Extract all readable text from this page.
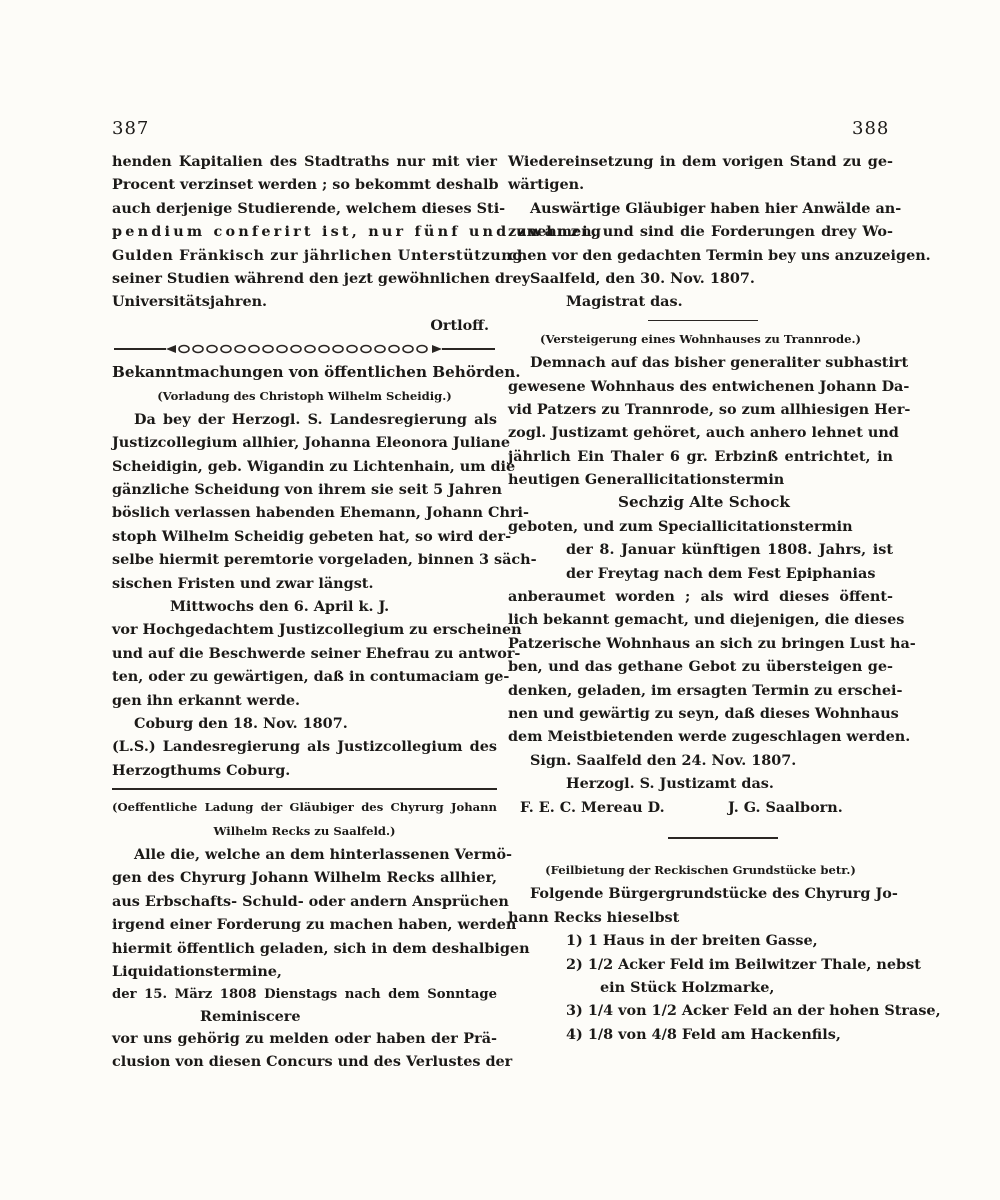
387	388
henden Kapitalien des Stadtraths nur mit vier
Procent verzinset werden ; so bekommt deshalb
auch derjenige Studierende, welchem dieses Sti-
pendium conferirt ist, nur fünf und zwanzig
Gulden Fränkisch zur jährlichen Unterstützung
seiner Studien während den jezt gewöhnlichen drey
Universitätsjahren.
Ortloff.
Bekanntmachungen von öffentlichen Behörden.
(Vorladung des Christoph Wilhelm Scheidig.)
Da bey der Herzogl. S. Landesregierung als
Justizcollegium allhier, Johanna Eleonora Juliane
Scheidigin, geb. Wigandin zu Lichtenhain, um die
gänzliche Scheidung von ihrem sie seit 5 Jahren
böslich verlassen habenden Ehemann, Johann Chri-
stoph Wilhelm Scheidig gebeten hat, so wird der-
selbe hiermit peremtorie vorgeladen, binnen 3 säch-
sischen Fristen und zwar längst.
Mittwochs den 6. April k. J.
vor Hochgedachtem Justizcollegium zu erscheinen
und auf die Beschwerde seiner Ehefrau zu antwor-
ten, oder zu gewärtigen, daß in contumaciam ge-
gen ihn erkannt werde.
Coburg den 18. Nov. 1807.
(L.S.) Landesregierung als Justizcollegium des
Herzogthums Coburg.
(Oeffentliche Ladung der Gläubiger des Chyrurg Johann
Wilhelm Recks zu Saalfeld.)
Alle die, welche an dem hinterlassenen Vermö-
gen des Chyrurg Johann Wilhelm Recks allhier,
aus Erbschafts- Schuld- oder andern Ansprüchen
irgend einer Forderung zu machen haben, werden
hiermit öffentlich geladen, sich in dem deshalbigen
Liquidationstermine,
der 15. März 1808 Dienstags nach dem Sonntage
Reminiscere
vor uns gehörig zu melden oder haben der Prä-
clusion von diesen Concurs und des Verlustes der
Wiedereinsetzung in dem vorigen Stand zu ge-
wärtigen.
Auswärtige Gläubiger haben hier Anwälde an-
zunehmen, und sind die Forderungen drey Wo-
chen vor den gedachten Termin bey uns anzuzeigen.
Saalfeld, den 30. Nov. 1807.
Magistrat das.
(Versteigerung eines Wohnhauses zu Trannrode.)
Demnach auf das bisher generaliter subhastirt
gewesene Wohnhaus des entwichenen Johann Da-
vid Patzers zu Trannrode, so zum allhiesigen Her-
zogl. Justizamt gehöret, auch anhero lehnet und
jährlich Ein Thaler 6 gr. Erbzinß entrichtet, in
heutigen Generallicitationstermin
Sechzig Alte Schock
geboten, und zum Speciallicitationstermin
der 8. Januar künftigen 1808. Jahrs, ist
der Freytag nach dem Fest Epiphanias
anberaumet worden ; als wird dieses öffent-
lich bekannt gemacht, und diejenigen, die dieses
Patzerische Wohnhaus an sich zu bringen Lust ha-
ben, und das gethane Gebot zu übersteigen ge-
denken, geladen, im ersagten Termin zu erschei-
nen und gewärtig zu seyn, daß dieses Wohnhaus
dem Meistbietenden werde zugeschlagen werden.
Sign. Saalfeld den 24. Nov. 1807.
Herzogl. S. Justizamt das.
F. E. C. Mereau D.	J. G. Saalborn.
(Feilbietung der Reckischen Grundstücke betr.)
Folgende Bürgergrundstücke des Chyrurg Jo-
hann Recks hieselbst
1) 1 Haus in der breiten Gasse,
2) 1/2 Acker Feld im Beilwitzer Thale, nebst
ein Stück Holzmarke,
3) 1/4 von 1/2 Acker Feld an der hohen Strase,
4) 1/8 von 4/8 Feld am Hackenfils,
